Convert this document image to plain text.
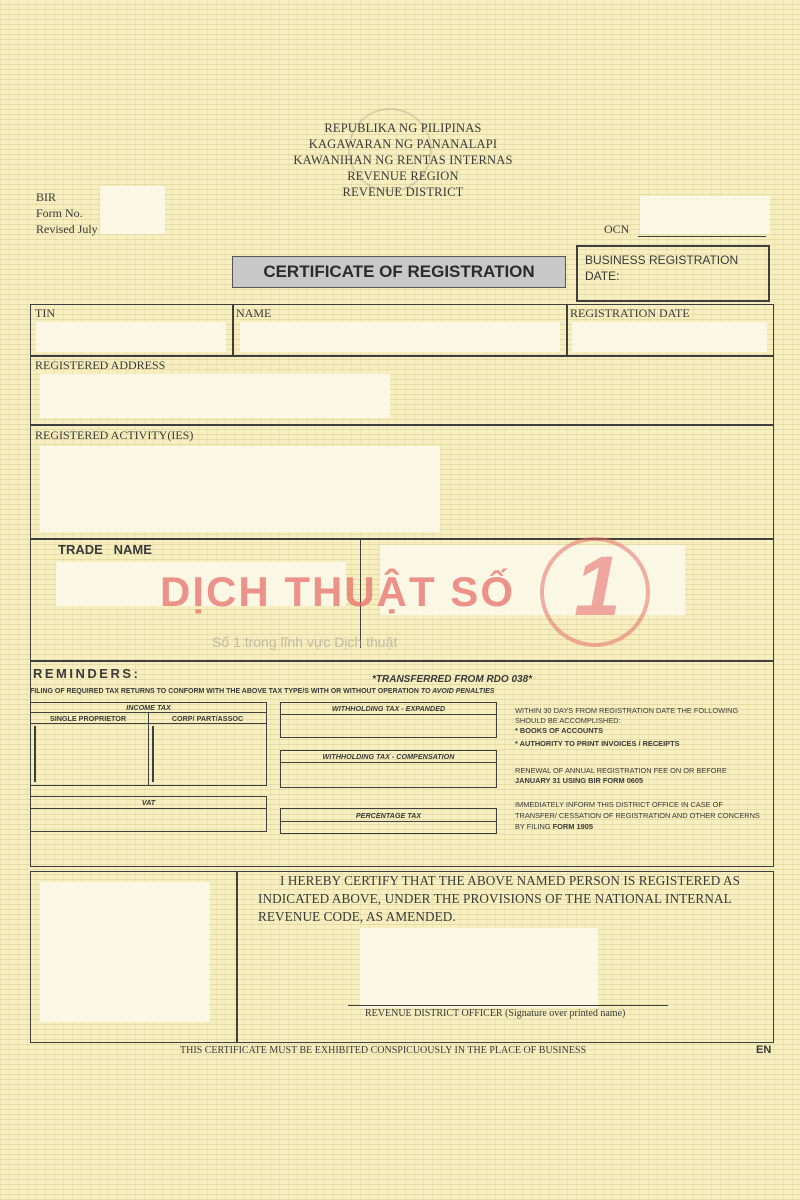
REPUBLIKA NG PILIPINAS
KAGAWARAN NG PANANALAPI
KAWANIHAN NG RENTAS INTERNAS
REVENUE REGION
REVENUE DISTRICT
BIR
Form No.
Revised July	OCN
CERTIFICATE OF REGISTRATION
BUSINESS REGISTRATION DATE:
TIN	NAME	REGISTRATION DATE
REGISTERED ADDRESS
REGISTERED ACTIVITY(IES)
TRADE   NAME
DỊCH THUẬT SỐ 1
Số 1 trong lĩnh vực Dịch thuật
REMINDERS:	*TRANSFERRED FROM RDO 038*
FILING OF REQUIRED TAX RETURNS TO CONFORM WITH THE ABOVE TAX TYPE/S WITH OR WITHOUT OPERATION TO AVOID PENALTIES
INCOME TAX
SINGLE PROPRIETOR	CORP/ PART/ASSOC
VAT
WITHHOLDING TAX - EXPANDED
WITHHOLDING TAX - COMPENSATION
PERCENTAGE TAX
WITHIN 30 DAYS FROM REGISTRATION DATE THE FOLLOWING SHOULD BE ACCOMPLISHED:
* BOOKS OF ACCOUNTS
* AUTHORITY TO PRINT INVOICES / RECEIPTS
RENEWAL OF ANNUAL REGISTRATION FEE ON OR BEFORE
JANUARY 31 USING BIR FORM 0605
IMMEDIATELY INFORM THIS DISTRICT OFFICE IN CASE OF TRANSFER/ CESSATION OF REGISTRATION AND OTHER CONCERNS BY FILING FORM 1905
I HEREBY CERTIFY THAT THE ABOVE NAMED PERSON IS REGISTERED AS INDICATED ABOVE, UNDER THE PROVISIONS OF THE NATIONAL INTERNAL REVENUE CODE, AS AMENDED.
REVENUE DISTRICT OFFICER (Signature over printed name)
THIS CERTIFICATE MUST BE EXHIBITED CONSPICUOUSLY IN THE PLACE OF BUSINESS	EN
